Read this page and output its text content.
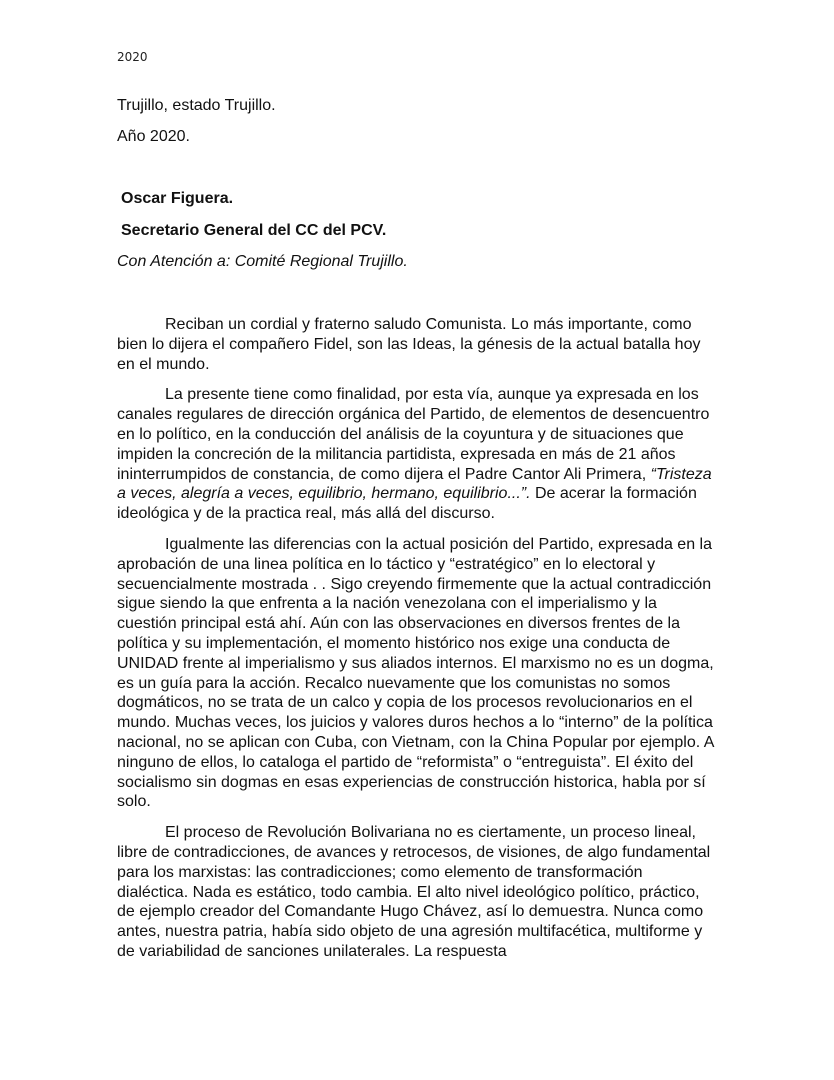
2020
Trujillo, estado Trujillo.
Año 2020.
Oscar Figuera.
Secretario General del CC del PCV.
Con Atención a: Comité Regional Trujillo.

Reciban un cordial y fraterno saludo Comunista. Lo más importante, como bien lo dijera el compañero Fidel, son las Ideas, la génesis de la actual batalla hoy en el mundo.

La presente tiene como finalidad, por esta vía, aunque ya expresada en los canales regulares de dirección orgánica del Partido, de elementos de desencuentro en lo político, en la conducción del análisis de la coyuntura y de situaciones que impiden la concreción de la militancia partidista, expresada en más de 21 años ininterrumpidos de constancia, de como dijera el Padre Cantor Ali Primera, “Tristeza a veces, alegría a veces, equilibrio, hermano, equilibrio...”. De acerar la formación ideológica y de la practica real, más allá del discurso.

Igualmente las diferencias con la actual posición del Partido, expresada en la aprobación de una linea política en lo táctico y “estratégico” en lo electoral y secuencialmente mostrada . . Sigo creyendo firmemente que la actual contradicción sigue siendo la que enfrenta a la nación venezolana con el imperialismo y la cuestión principal está ahí. Aún con las observaciones en diversos frentes de la política y su implementación, el momento histórico nos exige una conducta de UNIDAD frente al imperialismo y sus aliados internos. El marxismo no es un dogma, es un guía para la acción. Recalco nuevamente que los comunistas no somos dogmáticos, no se trata de un calco y copia de los procesos revolucionarios en el mundo. Muchas veces, los juicios y valores duros hechos a lo “interno” de la política nacional, no se aplican con Cuba, con Vietnam, con la China Popular por ejemplo. A ninguno de ellos, lo cataloga el partido de “reformista” o “entreguista”. El éxito del socialismo sin dogmas en esas experiencias de construcción historica, habla por sí solo.

El proceso de Revolución Bolivariana no es ciertamente, un proceso lineal, libre de contradicciones, de avances y retrocesos, de visiones, de algo fundamental para los marxistas: las contradicciones; como elemento de transformación dialéctica. Nada es estático, todo cambia. El alto nivel ideológico político, práctico, de ejemplo creador del Comandante Hugo Chávez, así lo demuestra. Nunca como antes, nuestra patria, había sido objeto de una agresión multifacética, multiforme y de variabilidad de sanciones unilaterales. La respuesta
